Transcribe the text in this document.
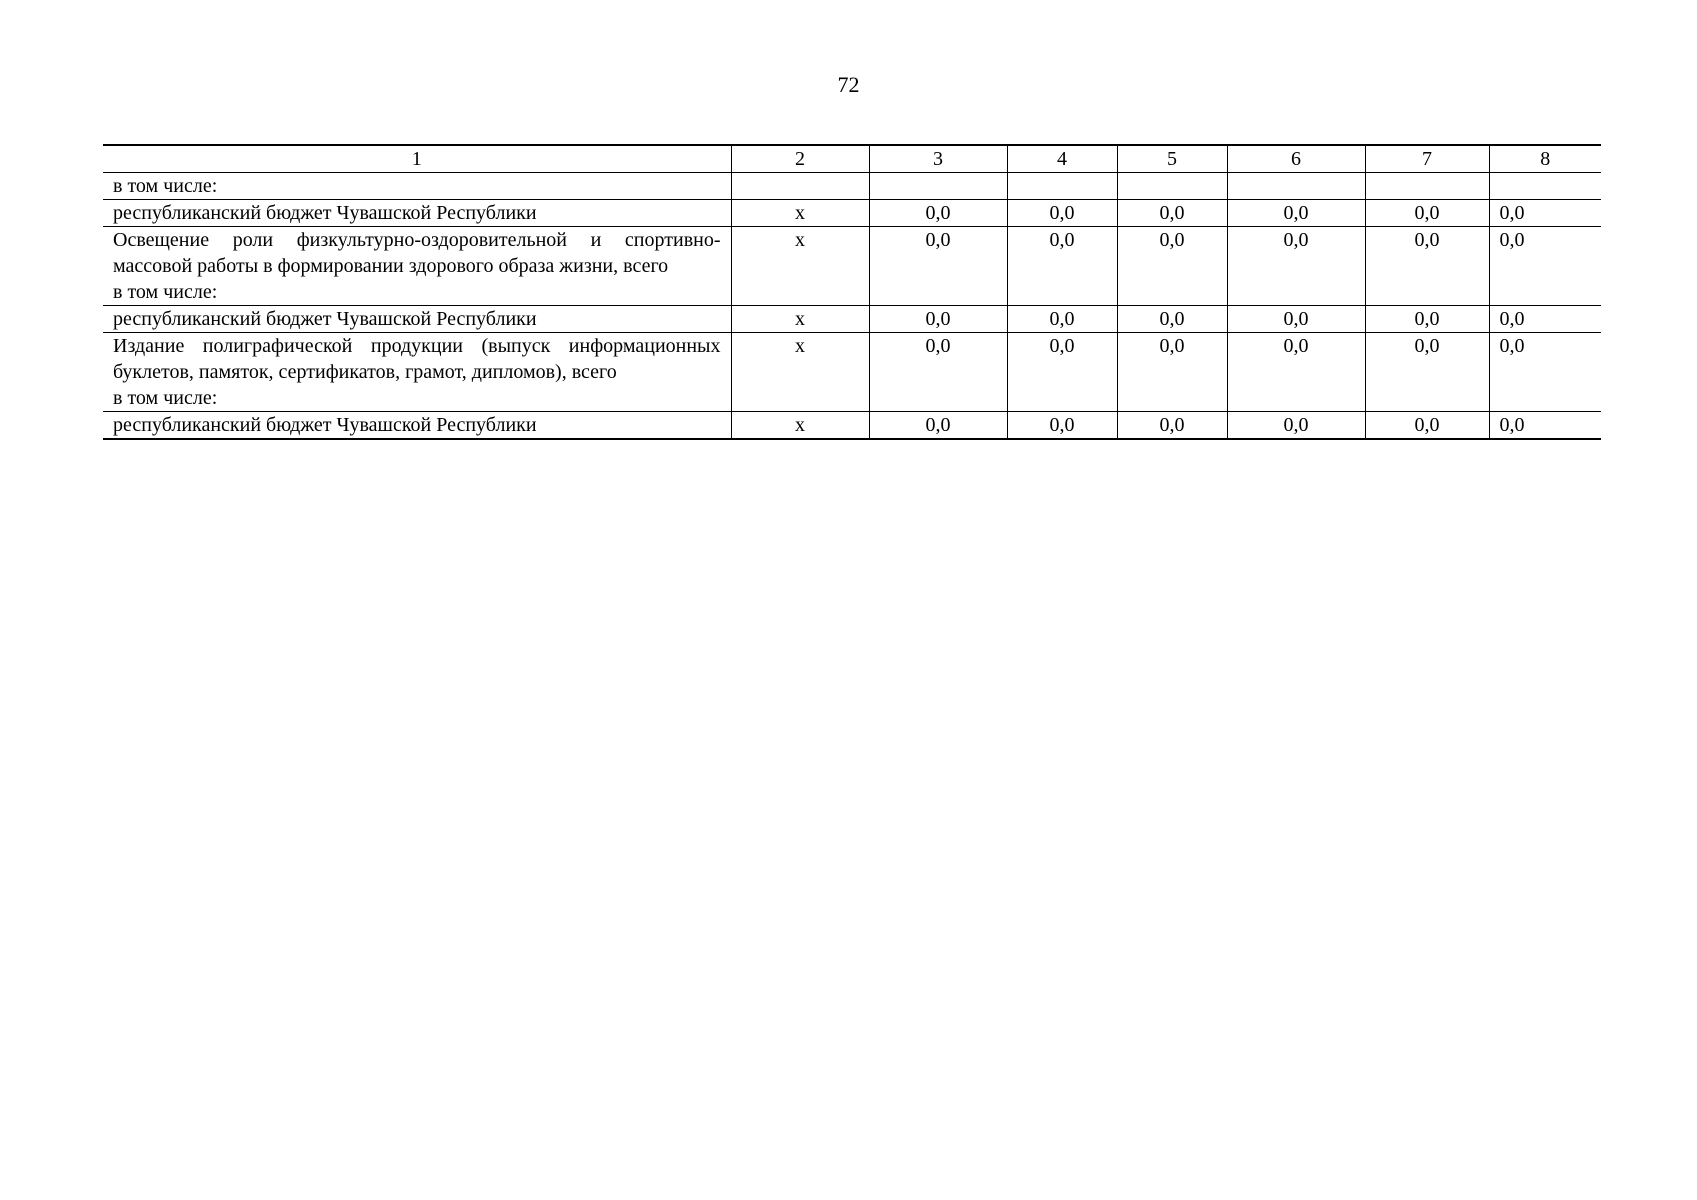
72
1	2	3	4	5	6	7	8

в том числе:							

республиканский бюджет Чувашской Республики	х	0,0	0,0	0,0	0,0	0,0	0,0

Освещение роли физкультурно-оздоровительной и спортивно-массовой работы в формировании здорового образа жизни, всего
в том числе:	х	0,0	0,0	0,0	0,0	0,0	0,0

республиканский бюджет Чувашской Республики	х	0,0	0,0	0,0	0,0	0,0	0,0

Издание полиграфической продукции (выпуск информационных буклетов, памяток, сертификатов, грамот, дипломов), всего
в том числе:	х	0,0	0,0	0,0	0,0	0,0	0,0

республиканский бюджет Чувашской Республики	х	0,0	0,0	0,0	0,0	0,0	0,0
